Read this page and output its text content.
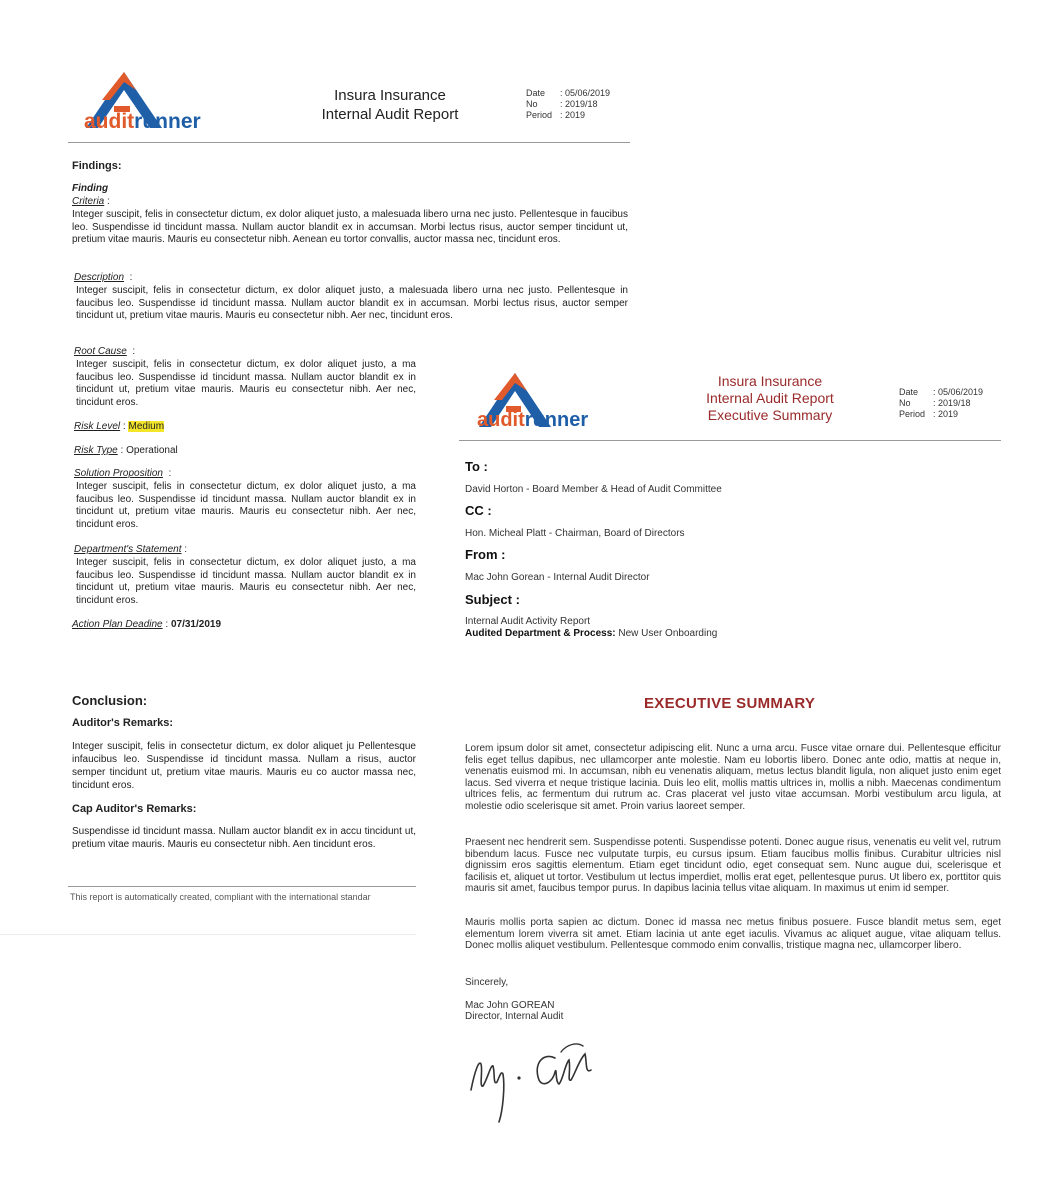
auditrunner
Insura Insurance
Internal Audit Report
Date	: 05/06/2019
No	: 2019/18
Period : 2019
Findings:
Finding
Criteria :
Integer suscipit, felis in consectetur dictum, ex dolor aliquet justo, a malesuada libero urna nec justo. Pellentesque in faucibus leo. Suspendisse id tincidunt massa. Nullam auctor blandit ex in accumsan. Morbi lectus risus, auctor semper tincidunt ut, pretium vitae mauris. Mauris eu consectetur nibh. Aenean eu tortor convallis, auctor massa nec, tincidunt eros.
Description  :
Integer suscipit, felis in consectetur dictum, ex dolor aliquet justo, a malesuada libero urna nec justo. Pellentesque in faucibus leo. Suspendisse id tincidunt massa. Nullam auctor blandit ex in accumsan. Morbi lectus risus, auctor semper tincidunt ut, pretium vitae mauris. Mauris eu consectetur nibh. Aer nec, tincidunt eros.
Root Cause  :
Integer suscipit, felis in consectetur dictum, ex dolor aliquet justo, a ma faucibus leo. Suspendisse id tincidunt massa. Nullam auctor blandit ex in tincidunt ut, pretium vitae mauris. Mauris eu consectetur nibh. Aer nec, tincidunt eros.
Risk Level : Medium
Risk Type : Operational
Solution Proposition  :
Integer suscipit, felis in consectetur dictum, ex dolor aliquet justo, a ma faucibus leo. Suspendisse id tincidunt massa. Nullam auctor blandit ex in tincidunt ut, pretium vitae mauris. Mauris eu consectetur nibh. Aer nec, tincidunt eros.
Department's Statement :
Integer suscipit, felis in consectetur dictum, ex dolor aliquet justo, a ma faucibus leo. Suspendisse id tincidunt massa. Nullam auctor blandit ex in tincidunt ut, pretium vitae mauris. Mauris eu consectetur nibh. Aer nec, tincidunt eros.
Action Plan Deadine : 07/31/2019
Conclusion:
Auditor's Remarks:
Integer suscipit, felis in consectetur dictum, ex dolor aliquet ju Pellentesque infaucibus leo. Suspendisse id tincidunt massa. Nullam a risus, auctor semper tincidunt ut, pretium vitae mauris. Mauris eu co auctor massa nec, tincidunt eros.
Cap Auditor's Remarks:
Suspendisse id tincidunt massa. Nullam auctor blandit ex in accu tincidunt ut, pretium vitae mauris. Mauris eu consectetur nibh. Aen tincidunt eros.
This report is automatically created, compliant with the international standar
auditrunner
Insura Insurance
Internal Audit Report
Executive Summary
Date	: 05/06/2019
No	: 2019/18
Period : 2019
To :
David Horton - Board Member & Head of Audit Committee
CC :
Hon. Micheal Platt - Chairman, Board of Directors
From :
Mac John Gorean - Internal Audit Director
Subject :
Internal Audit Activity Report
Audited Department & Process: New User Onboarding
EXECUTIVE SUMMARY
Lorem ipsum dolor sit amet, consectetur adipiscing elit. Nunc a urna arcu. Fusce vitae ornare dui. Pellentesque efficitur felis eget tellus dapibus, nec ullamcorper ante molestie. Nam eu lobortis libero. Donec ante odio, mattis at neque in, venenatis euismod mi. In accumsan, nibh eu venenatis aliquam, metus lectus blandit ligula, non aliquet justo enim eget lacus. Sed viverra et neque tristique lacinia. Duis leo elit, mollis mattis ultrices in, mollis a nibh. Maecenas condimentum ultrices felis, ac fermentum dui rutrum ac. Cras placerat vel justo vitae accumsan. Morbi vestibulum arcu ligula, at molestie odio scelerisque sit amet. Proin varius laoreet semper.
Praesent nec hendrerit sem. Suspendisse potenti. Suspendisse potenti. Donec augue risus, venenatis eu velit vel, rutrum bibendum lacus. Fusce nec vulputate turpis, eu cursus ipsum. Etiam faucibus mollis finibus. Curabitur ultricies nisl dignissim eros sagittis elementum. Etiam eget tincidunt odio, eget consequat sem. Nunc augue dui, scelerisque et facilisis et, aliquet ut tortor. Vestibulum ut lectus imperdiet, mollis erat eget, pellentesque purus. Ut libero ex, porttitor quis mauris sit amet, faucibus tempor purus. In dapibus lacinia tellus vitae aliquam. In maximus ut enim id semper.
Mauris mollis porta sapien ac dictum. Donec id massa nec metus finibus posuere. Fusce blandit metus sem, eget elementum lorem viverra sit amet. Etiam lacinia ut ante eget iaculis. Vivamus ac aliquet augue, vitae aliquam tellus. Donec mollis aliquet vestibulum. Pellentesque commodo enim convallis, tristique magna nec, ullamcorper libero.
Sincerely,
Mac John GOREAN
Director, Internal Audit
